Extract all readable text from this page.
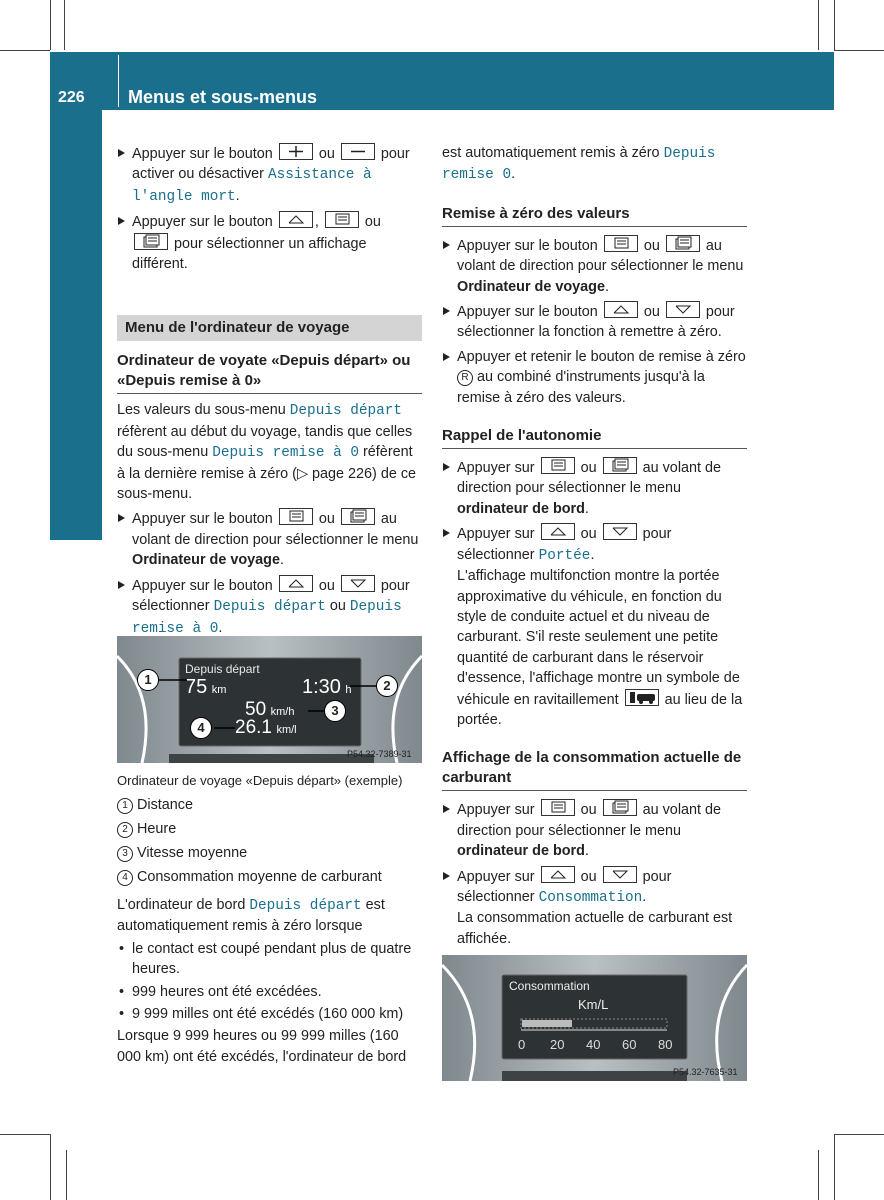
226	Menus et sous-menus
Ordinateur de bord et affichages
Appuyer sur le bouton	ou	pour activer ou désactiver Assistance à l'angle mort.
Appuyer sur le bouton	,	ou
pour sélectionner un affichage différent.
Menu de l'ordinateur de voyage
Ordinateur de voyate «Depuis départ» ou «Depuis remise à 0»

Les valeurs du sous-menu Depuis départ réfèrent au début du voyage, tandis que celles du sous-menu Depuis remise à 0 réfèrent à la dernière remise à zéro (▷ page 226) de ce sous-menu.

Appuyer sur le bouton	ou	au volant de direction pour sélectionner le menu Ordinateur de voyage.
Appuyer sur le bouton	ou	pour sélectionner Depuis départ ou Depuis remise à 0.
Depuis départ
75 km	1:30 h
50 km/h
26.1 km/l
1	2
3
4
P54.32-7389-31
Ordinateur de voyage «Depuis départ» (exemple)
1 Distance
2 Heure
3 Vitesse moyenne
4 Consommation moyenne de carburant

L'ordinateur de bord Depuis départ est automatiquement remis à zéro lorsque

• le contact est coupé pendant plus de quatre heures.
• 999 heures ont été excédées.
• 9 999 milles ont été excédés (160 000 km)

Lorsque 9 999 heures ou 99 999 milles (160 000 km) ont été excédés, l'ordinateur de bord

est automatiquement remis à zéro Depuis remise 0.

Remise à zéro des valeurs
Appuyer sur le bouton	ou	au volant de direction pour sélectionner le menu Ordinateur de voyage.
Appuyer sur le bouton	ou	pour sélectionner la fonction à remettre à zéro.
Appuyer et retenir le bouton de remise à zéro R au combiné d'instruments jusqu'à la remise à zéro des valeurs.
Rappel de l'autonomie
Appuyer sur	ou	au volant de direction pour sélectionner le menu ordinateur de bord.
Appuyer sur	ou	pour sélectionner Portée.
L'affichage multifonction montre la portée approximative du véhicule, en fonction du style de conduite actuel et du niveau de carburant. S'il reste seulement une petite quantité de carburant dans le réservoir d'essence, l'affichage montre un symbole de véhicule en ravitaillement	au lieu de la portée.
Affichage de la consommation actuelle de carburant
Appuyer sur	ou	au volant de direction pour sélectionner le menu ordinateur de bord.
Appuyer sur	ou	pour sélectionner Consommation.
La consommation actuelle de carburant est affichée.
Consommation
Km/L
0 20 40 60 80
P54.32-7635-31
